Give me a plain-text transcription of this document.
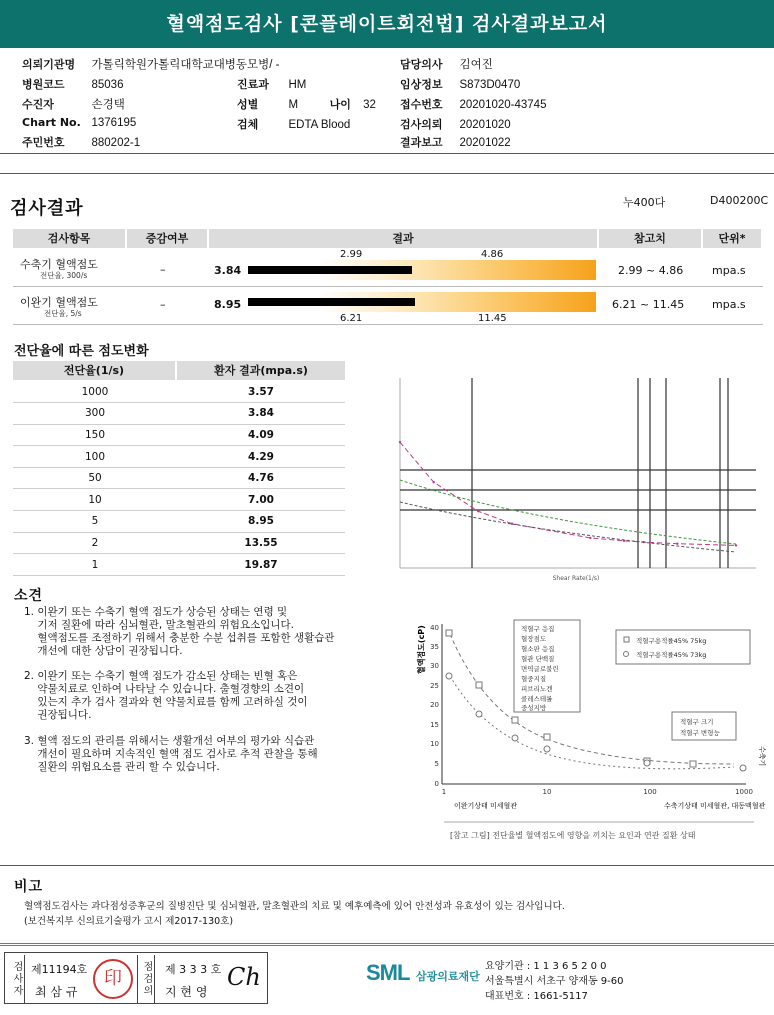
혈액점도검사 [콘플레이트회전법] 검사결과보고서
의뢰기관명 가톨릭학원가톨릭대학교대병동모병/ -
병원코드 85036
수진자	손경택
Chart No. 1376195
주민번호 880202-1
진료과 HM
성별	M	나이 32
검체	EDTA Blood
담당의사 김여진
임상정보 S873D0470
접수번호 20201020-43745
검사의뢰 20201020
결과보고 20201022
검사결과	누400다	D400200C
검사항목	증감여부	결과	참고치	단위*
수축기 혈액점도
전단율, 300/s	–	3.84
2.99	4.86
2.99 ~ 4.86	mpa.s
이완기 혈액점도
전단율, 5/s
–	8.95
6.21	11.45
6.21 ~ 11.45	mpa.s
전단율에 따른 점도변화
전단율(1/s)	환자 결과(mpa.s)
1000	3.57
300	3.84
150	4.09
100	4.29
50	4.76
10	7.00
5	8.95
2	13.55
1	19.87
Shear Rate(1/s)
소견
1. 이완기 또는 수축기 혈액 점도가 상승된 상태는 연령 및
기저 질환에 따라 심뇌혈관, 말초혈관의 위험요소입니다.
혈액점도를 조절하기 위해서 충분한 수분 섭취를 포함한 생활습관
개선에 대한 상담이 권장됩니다.
2. 이완기 또는 수축기 혈액 점도가 감소된 상태는 빈혈 혹은
약물치료로 인하여 나타날 수 있습니다. 출혈경향의 소견이
있는지 추가 검사 결과와 현 약물치료를 함께 고려하실 것이
권장됩니다.
3. 혈액 점도의 관리를 위해서는 생활개선 여부의 평가와 식습관
개선이 필요하며 지속적인 혈액 점도 검사로 추적 관찰을 통해
질환의 위험요소를 관리 할 수 있습니다.
혈액점도(cP) 40
35
30
25
20
15
10
5
0
1	10	100	1000
적혈구 응집
혈장점도
혈소판 응집
혈관 단백질
면역글로불린
혈중지질
피브리노겐
콜레스테롤
중성지방
적혈구용적률45% 75kg
적혈구용적률45% 73kg
적혈구 크기
적혈구 변형능
수축기
이완기상태 미세혈관	수축기상태 미세혈관, 대동맥혈관
[참고 그림] 전단율별 혈액점도에 영향을 끼치는 요인과 연관 질환 상태
비고
혈액점도검사는 과다점성증후군의 질병진단 및 심뇌혈관, 말초혈관의 치료 및 예후예측에 있어 안전성과 유효성이 있는 검사입니다.
(보건복지부 신의료기술평가 고시 제2017-130호)
검사자 제11194호
최 삼 규
印	점검의 제 3 3 3 호
지 현 영
Ch	SML 삼광의료재단
요양기관 : 1 1 3 6 5 2 0 0
서울특별시 서초구 양재동 9-60
대표번호 : 1661-5117
